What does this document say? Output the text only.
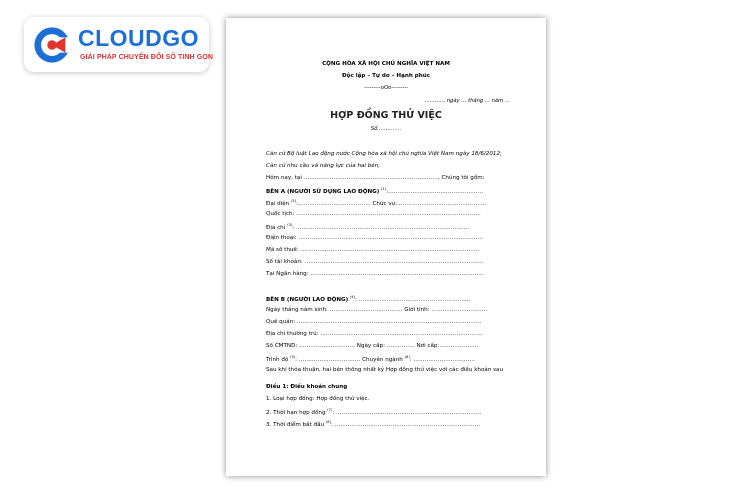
CLOUDGO
GIẢI PHÁP CHUYỂN ĐỔI SỐ TINH GỌN
CỘNG HÒA XÃ HỘI CHỦ NGHĨA VIỆT NAM
Độc lập – Tự do – Hạnh phúc
---------oOo---------
……….., ngày … tháng … năm …
HỢP ĐỒNG THỬ VIỆC
Số:………….
Căn cứ Bộ luật Lao động nước Cộng hòa xã hội chủ nghĩa Việt Nam ngày 18/6/2012;
Căn cứ nhu cầu và năng lực của hai bên,
Hôm nay, tại ………………………………………………………………, Chúng tôi gồm:
BÊN A (NGƯỜI SỬ DỤNG LAO ĐỘNG) $^{(1)}$:……………………………………………
Đại diện $^{(2)}$:………………………………… Chức vụ:…………………………………………
Quốc tịch: ………………………………………………………………………………………
Địa chỉ $^{(3)}$: …………………………………………………………………………………
Điện thoại: ………………………………………………………………………………………
Mã số thuế: ……………………………………………………………………………………
Số tài khoản: ……………………………………………………………………………………
Tại Ngân hàng: …………………………………………………………………………………
BÊN B (NGƯỜI LAO ĐỘNG) $^{(4)}$: ……………………………………………………
Ngày tháng năm sinh: ………………………………… Giới tính: …………………………
Quê quán: ………………………………………………………………………………………
Địa chỉ thường trú: ……………………………………………………………………………
Số CMTND: ………………………… Ngày cấp: …………… Nơi cấp:…………………
Trình độ $^{(5)}$: …………………………… Chuyên ngành $^{(6)}$: ……………………………
Sau khi thỏa thuận, hai bên thống nhất ký Hợp đồng thử việc với các điều khoản sau
Điều 1: Điều khoản chung
1. Loại hợp đồng: Hợp đồng thử việc.
2. Thời hạn hợp đồng $^{(7)}$: ……………………………………………………………………
3. Thời điểm bắt đầu $^{(8)}$: ……………………………………………………………………
